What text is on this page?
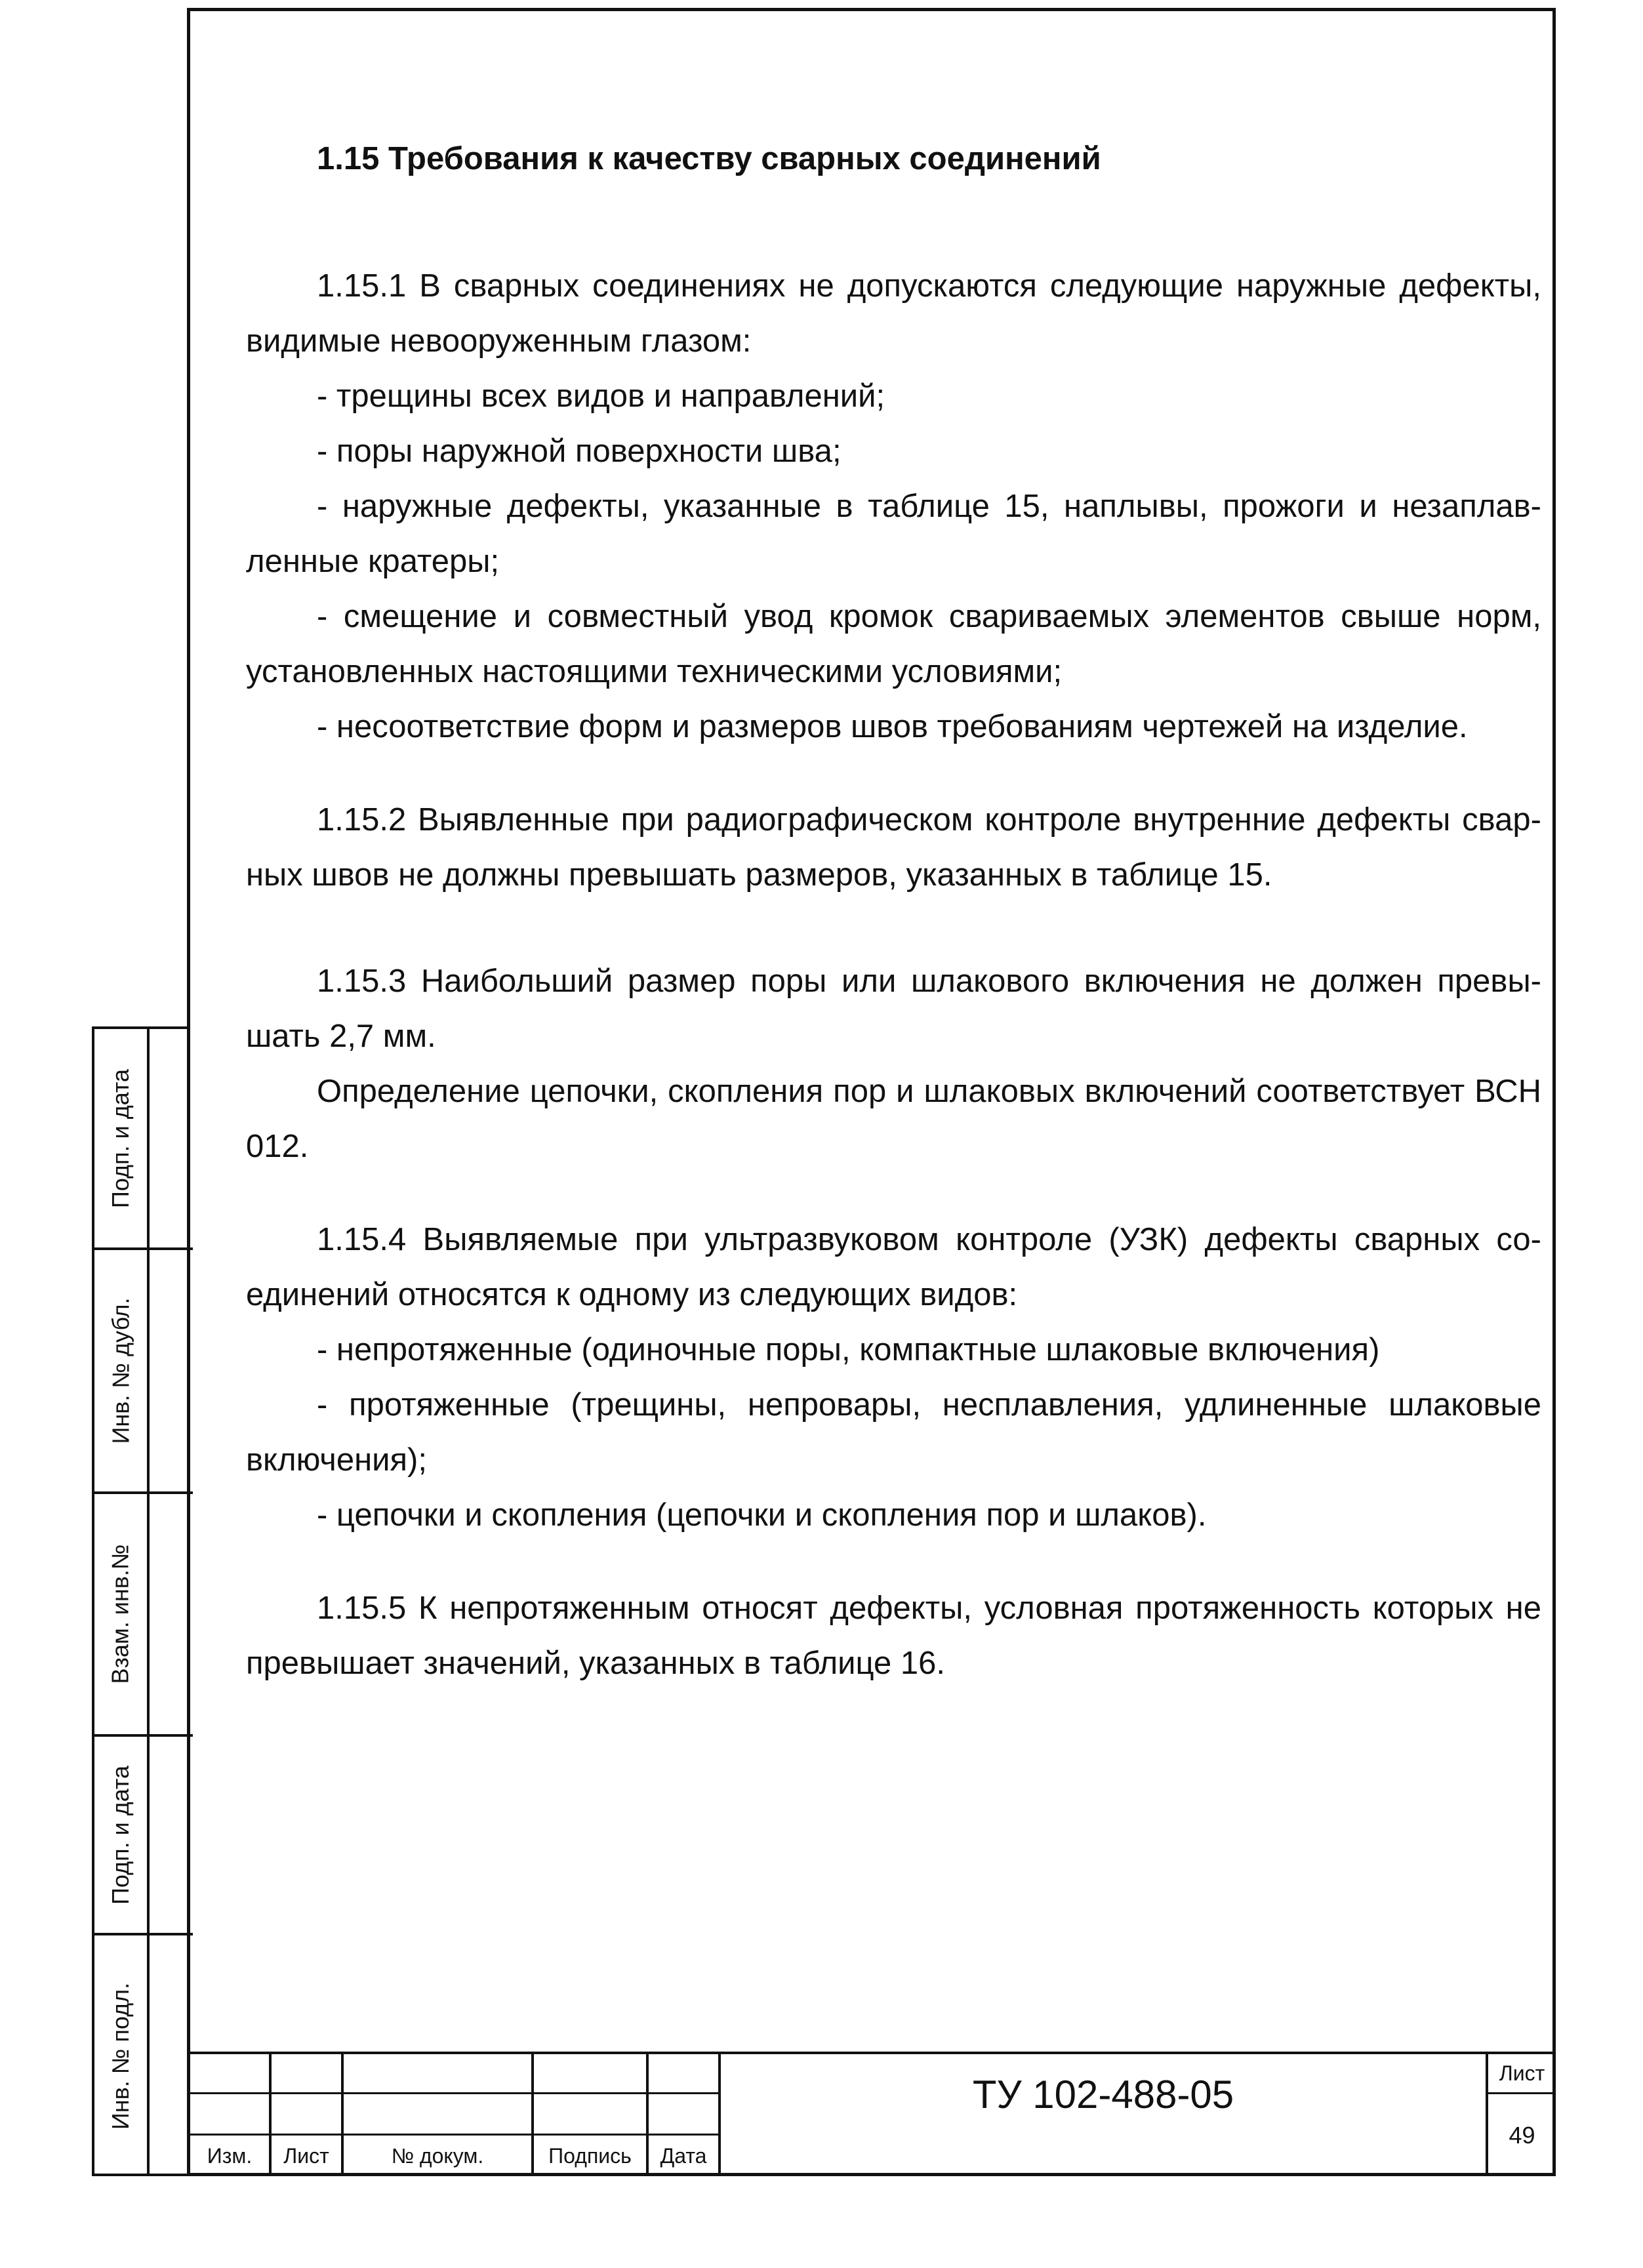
1.15 Требования к качеству сварных соединений

1.15.1 В сварных соединениях не допускаются следующие наружные дефекты, видимые невооруженным глазом:

- трещины всех видов и направлений;

- поры наружной поверхности шва;

- наружные дефекты, указанные в таблице 15, наплывы, прожоги и незаплав-ленные кратеры;

- смещение и совместный увод кромок свариваемых элементов свыше норм, установленных настоящими техническими условиями;

- несоответствие форм и размеров швов требованиям чертежей на изделие.

1.15.2 Выявленные при радиографическом контроле внутренние дефекты свар-ных швов не должны превышать размеров, указанных в таблице 15.

1.15.3 Наибольший размер поры или шлакового включения не должен превы-шать 2,7 мм.

Определение цепочки, скопления пор и шлаковых включений соответствует ВСН 012.

1.15.4 Выявляемые при ультразвуковом контроле (УЗК) дефекты сварных со-единений относятся к одному из следующих видов:

- непротяженные (одиночные поры, компактные шлаковые включения)

- протяженные (трещины, непровары, несплавления, удлиненные шлаковые включения);

- цепочки и скопления (цепочки и скопления пор и шлаков).

1.15.5 К непротяженным относят дефекты, условная протяженность которых не превышает значений, указанных в таблице 16.

Подп. и дата
Инв. № дубл.
Взам. инв.№
Подп. и дата
Инв. № подл.
Изм.	Лист	№ докум.	Подпись	Дата
ТУ 102-488-05	Лист
49
